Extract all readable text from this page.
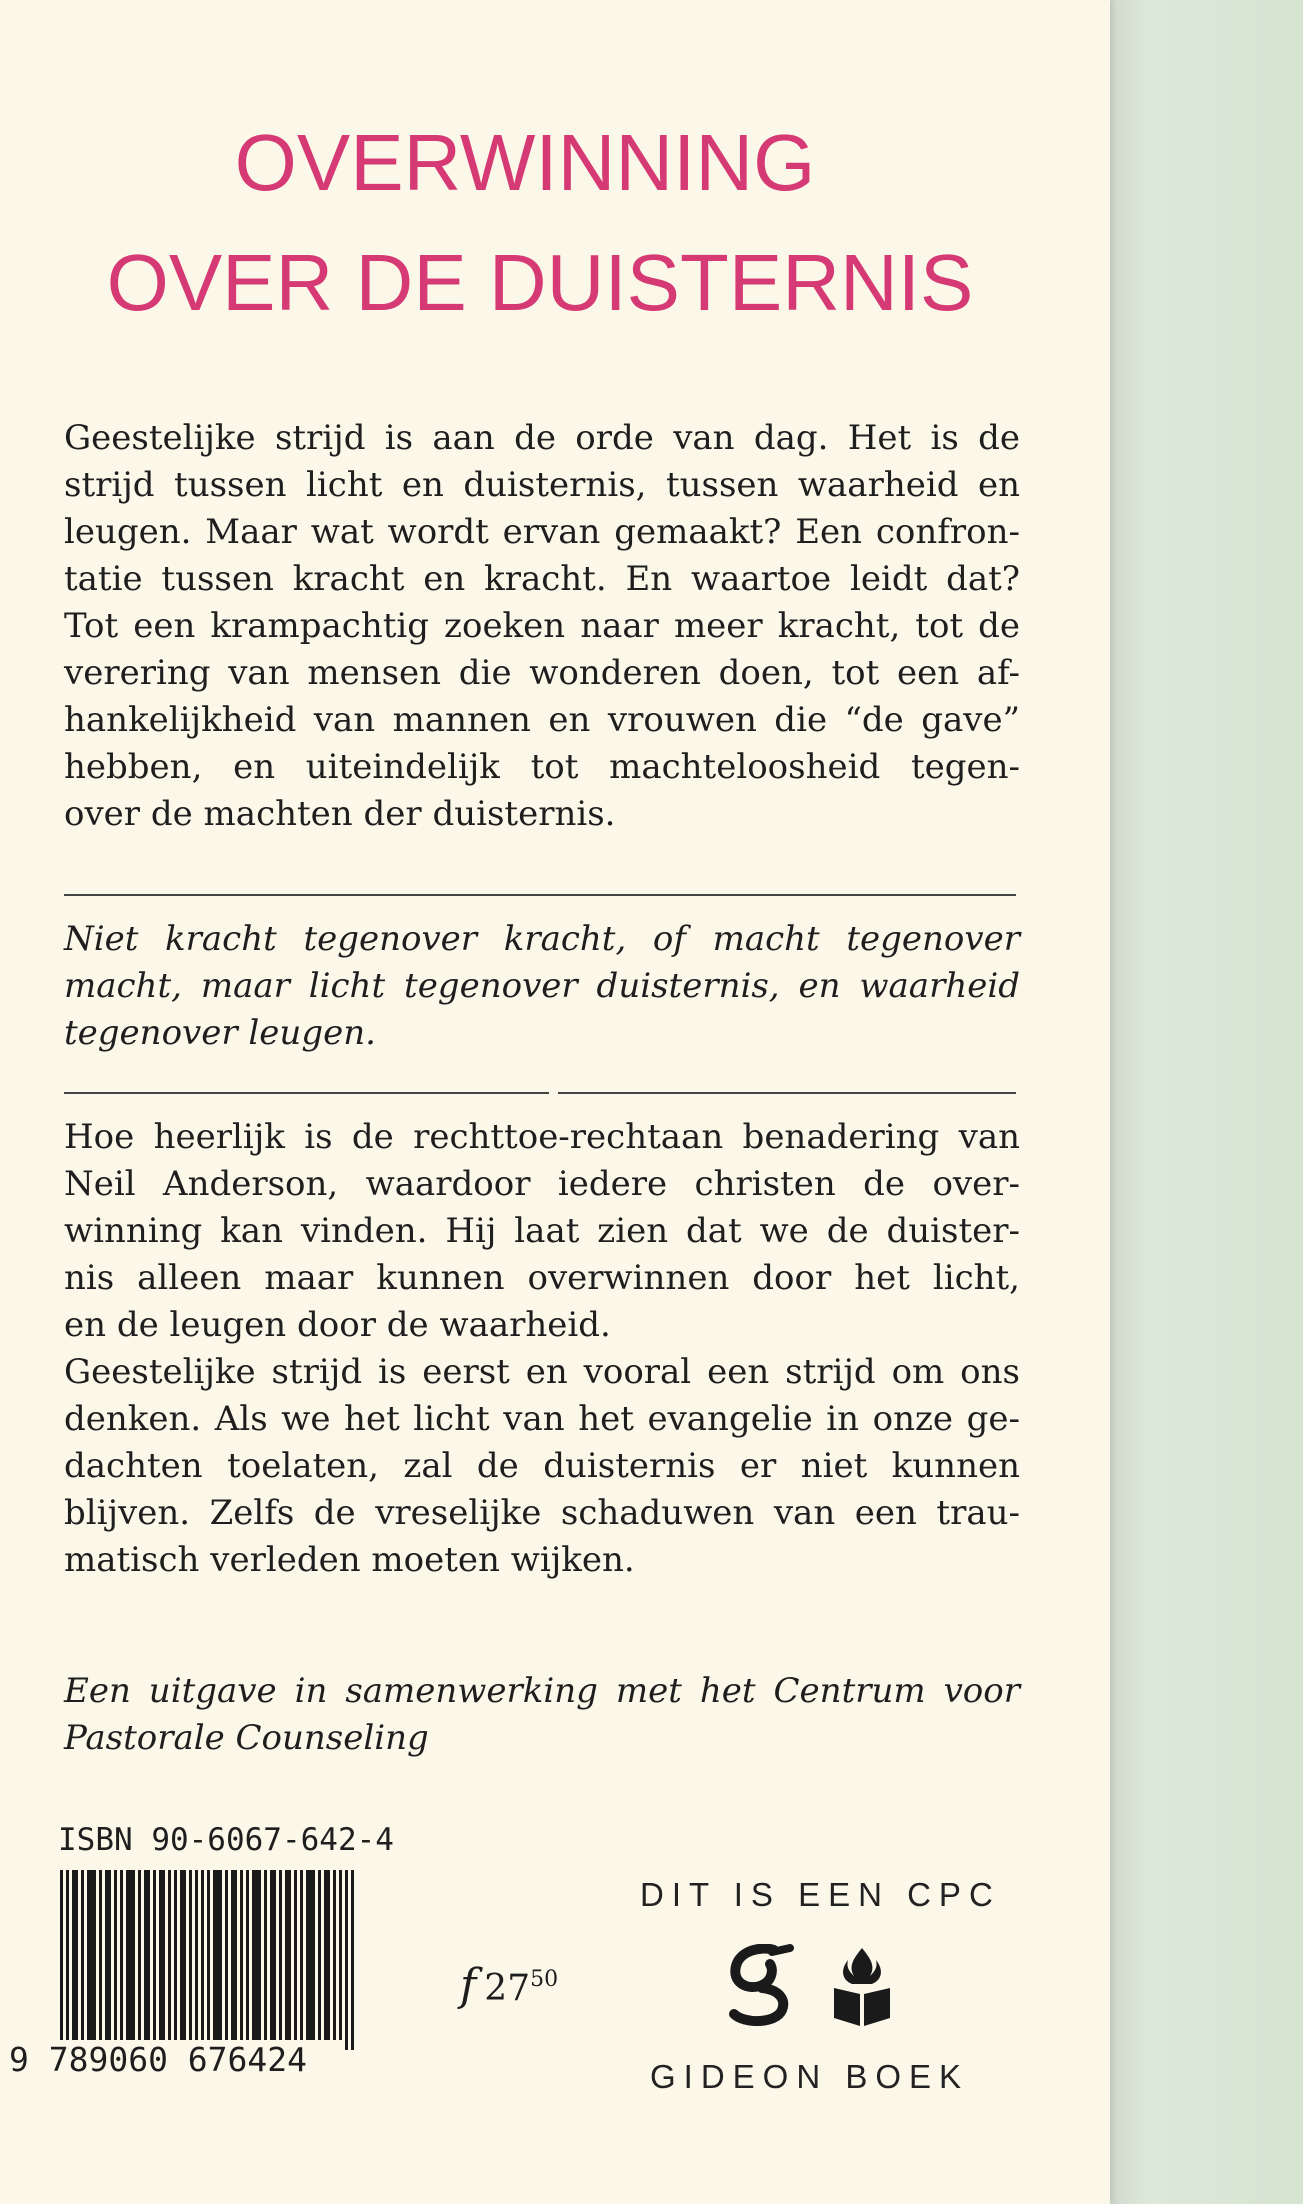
OVERWINNING
OVER DE DUISTERNIS

Geestelijke strijd is aan de orde van dag. Het is de
strijd tussen licht en duisternis, tussen waarheid en
leugen. Maar wat wordt ervan gemaakt? Een confron-
tatie tussen kracht en kracht. En waartoe leidt dat?
Tot een krampachtig zoeken naar meer kracht, tot de
verering van mensen die wonderen doen, tot een af-
hankelijkheid van mannen en vrouwen die “de gave”
hebben, en uiteindelijk tot machteloosheid tegen-
over de machten der duisternis.

Niet kracht tegenover kracht, of macht tegenover
macht, maar licht tegenover duisternis, en waarheid
tegenover leugen.

Hoe heerlijk is de rechttoe-rechtaan benadering van
Neil Anderson, waardoor iedere christen de over-
winning kan vinden. Hij laat zien dat we de duister-
nis alleen maar kunnen overwinnen door het licht,
en de leugen door de waarheid.
Geestelijke strijd is eerst en vooral een strijd om ons
denken. Als we het licht van het evangelie in onze ge-
dachten toelaten, zal de duisternis er niet kunnen
blijven. Zelfs de vreselijke schaduwen van een trau-
matisch verleden moeten wijken.

Een uitgave in samenwerking met het Centrum voor
Pastorale Counseling

ISBN 90-6067-642-4
9 789060 676424
f 2750
DIT IS EEN CPC
GIDEON BOEK
